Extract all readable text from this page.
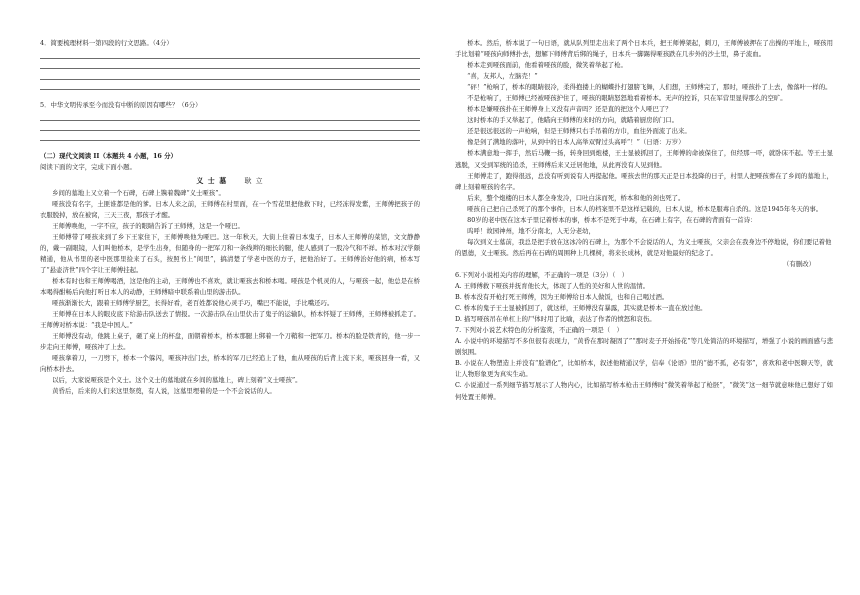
4．简要梳理材料一第四段的行文思路。（4分）
5．中华文明传承至今而没有中断的原因有哪些？（6分）
（二）现代文阅读 II（本题共 4 小题，16 分）
阅读下面的文字，完成下面小题。
义 士 墓 耿 立

乡间的墓地上又立着一个石碑，石碑上镌着魏碑“义士哑孩”。

哑孩没有名字，土匪谁都是他的爹。日本人来之前，王师傅在村里面，在一个雪花里把他救下时，已经冻得发紫，王师傅把孩子的衣服脱掉，放在被窝，三天三夜，那孩子才醒。

王师傅唤他，一字不应，孩子的眼睛告诉了王师傅，这是一个哑巴。

王师傅带了哑孩来到了乡下王家住下，王师傅唤他为哑巴。这一年秋天，大街上住着日本鬼子，日本人王师傅的菜馆，文文静静的，戴一副眼镜，人们叫他桥本，是学生出身，但随身的一把军刀和一条线辫的细长的腿，使人感到了一股冷气和不祥。桥本对汉学颇精通，他从书里的老中医那里捡来了石头，按照书上“闺里”，搞清楚了学老中医的方子，把他治好了。王师傅治好他的病，桥本写了“悬壶济世”四个字让王师傅挂起。

桥本有时也和王师傅喝酒，这是他的主动，王师傅也不喜欢，就让哑孩去和桥本喝。哑孩是个机灵的人，与哑孩一起，他总是在桥本喝得酣畅后向他打听日本人的动静，王师傅暗中联系着山里的游击队。

哑孩渐渐长大，跟着王师傅学厨艺，长得好看，老百姓都说他心灵手巧，嘴巴不能说，手比嘴还巧。

王师傅在日本人的眼皮底下给游击队送去了情报。一次游击队在山里伏击了鬼子的运输队，桥本怀疑了王师傅，王师傅被抓走了。王师傅对桥本说：“我是中国人。”

王师傅没有动，他跳上桌子，砸了桌上的杯盘，面朝着桥本，桥本那腿上绑着一个刀鞘和一把军刀。桥本的脸是铁青的，他一步一步走向王师傅，哑孩冲了上去。

哑孩拿着刀，一刀劈下，桥本一个躲闪，哑孩冲出门去，桥本的军刀已经追上了他，血从哑孩的后背上流下来，哑孩回身一看，又向桥本扑去。

以后，大家说哑孩是个义士。这个义士的墓地就在乡间的墓地上，碑上刻着“义士哑孩”。

黄昏后，后来的人们来这里祭奠，有人说，这墓里埋着的是一个不会说话的人。

桥本。然后，桥本说了一句日语，就从队列里走出来了两个日本兵，把王师傅架起，刺刀，王师傅被押在了出操的平地上，哑孩用手比划着“哑孩向师傅扑去，想解下师傅背后绑的绳子，日本兵一脚踢得哑孩跌在几步外的沙土里，鼻子流血。

桥本走到哑孩面前，他看着哑孩的脸，微笑着举起了枪。

“喜，友邦人，左脑壳！”

“砰！”枪响了，桥本的眼睛很冷，柔得抱搂上的蝴蝶扑打翅膀飞舞，人们想，王师傅完了，那时，哑孩扑了上去，像落叶一样的。

不是枪响了，王师傅已经被哑孩护住了，哑孩的眼睛怒怒地看着桥本。无声的控诉，只在军营里显得那么的空旷。

桥本是嫌哑孩扑在王师傅身上又没有声音吗？还是直的把这个人哑巴了？

这时桥本的手又举起了，他瞄向王师傅的来时的方向，就瞄着厨房的门口。

还是很远很远的一声枪响，但是王师傅只右手吊着的方巾，血往外面流了出来。

像是剑了满地的落叶，从到中的日本人高举双臂过头高呼“！”（日语：万岁）

桥本满意地一挥手，然后马鞭一扬，转身回到炮楼，王士显被抓回了，王师傅的命被保住了，但经那一吓，就卧床不起。等王士显逃脱，又受到军统的追杀，王师傅后来又迁居他地，从此再没有人见到他。

王师傅走了，跑得很远，总没有听到说有人再提起他。哑孩去世的那天正是日本投降的日子，村里人把哑孩葬在了乡间的墓地上，碑上刻着哑孩的名字。

后来，整个炮楼的日本人都全身发冷，口吐白沫而死，桥本和他的剑也死了。

哑孩自己把自己杀死了的那个事件，日本人的档案里不是这样记载的，日本人说，桥本是服毒自杀的。这是1945年冬天的事。

80岁的老中医在这本子里记着桥本的事，桥本不是死于中毒，在石碑上有字，在石碑的背面有一首诗：

呜呼！故园神州，地不分南北，人无分老幼，

每次到义士墓前，我总是把手放在这冰冷的石碑上，为那个不会说话的人，为义士哑孩，父亲会在我身边不停地说，你们要记着他的恩德，义士哑孩。然后再在石碑的周围种上几棵树，将来长成林，就是对他最好的纪念了。

（有删改）
6.下列对小说相关内容的理解，不正确的一项是（3分）（　）
A. 王师傅救下哑孩并抚育他长大，体现了人性的美好和人世的温情。
B. 桥本没有开枪打死王师傅，因为王师傅给日本人做饭，也和自己喝过酒。
C. 桥本的鬼子王士显被抓回了，就这样，王师傅没有暴露，其实就是桥本一直在放过他。
D. 描写哑孩吊在单杠上的尸体时用了比喻，表达了作者的愤怒和哀伤。
7. 下列对小说艺术特色的分析鉴赏，不正确的一项是（　）
A. 小说中的环境描写不多但很有表现力，“黄昏在那时凝固了”“那时麦子开始扬花”等几处简洁的环境描写，增强了小说的画面感与悲剧氛围。
B. 小说在人物塑造上并没有“脸谱化”，比如桥本，叙述他精通汉学，信奉《论语》里的“德不孤，必有邻”，喜欢和老中医聊天等，就让人物形象更为真实生动。
C. 小说通过一系列细节描写展示了人物内心，比如描写桥本枪击王师傅时“微笑着举起了枪胚”，“微笑”这一细节就意味他已想好了如何处置王师傅。
